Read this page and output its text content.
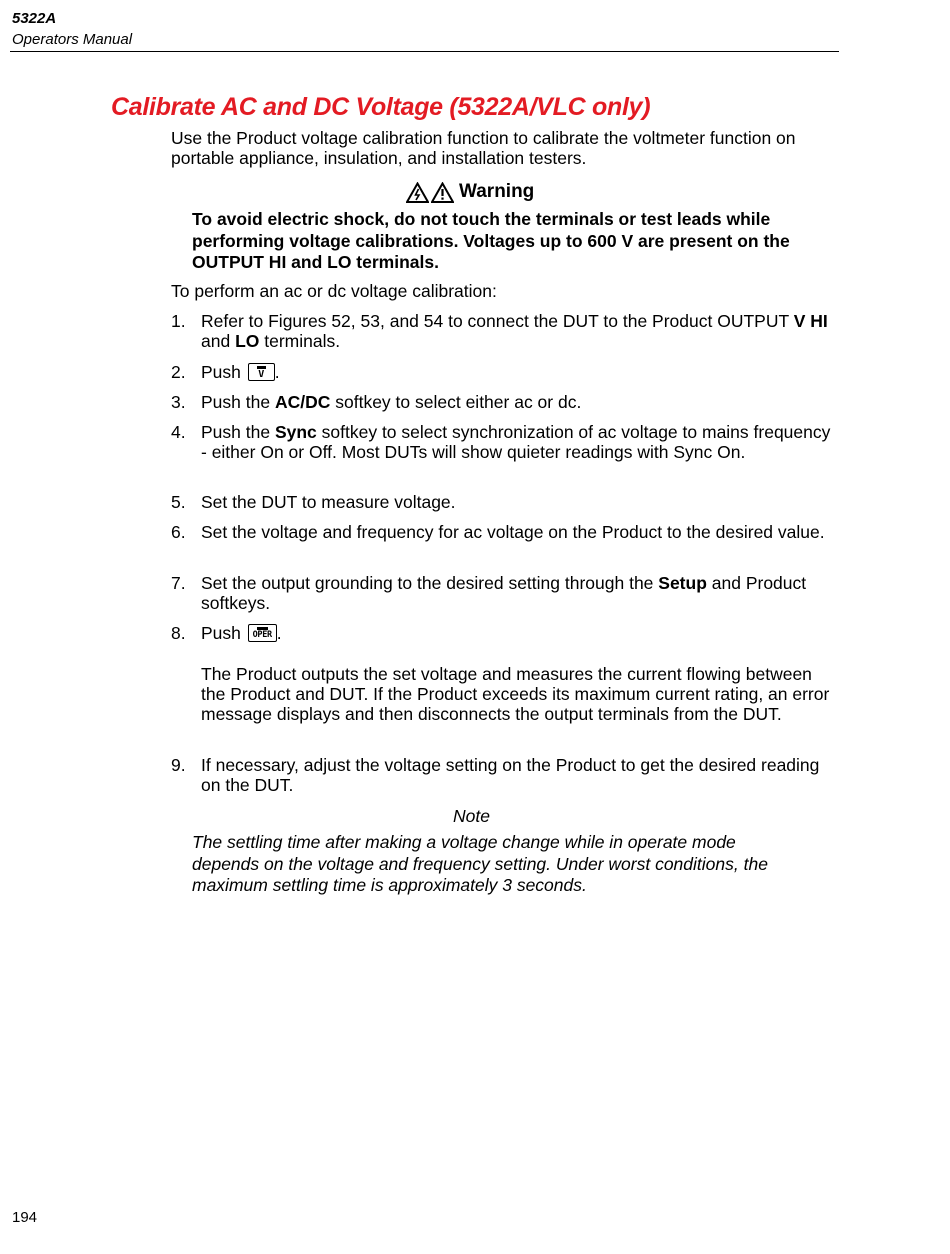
5322A
Operators Manual
Calibrate AC and DC Voltage (5322A/VLC only)
Use the Product voltage calibration function to calibrate the voltmeter function on portable appliance, insulation, and installation testers.
Warning
To avoid electric shock, do not touch the terminals or test leads while performing voltage calibrations. Voltages up to 600 V are present on the OUTPUT HI and LO terminals.
To perform an ac or dc voltage calibration:
1. Refer to Figures 52, 53, and 54 to connect the DUT to the Product OUTPUT V HI and LO terminals.
2. Push	V .
3. Push the AC/DC softkey to select either ac or dc.
4. Push the Sync softkey to select synchronization of ac voltage to mains frequency - either On or Off. Most DUTs will show quieter readings with Sync On.
5. Set the DUT to measure voltage.
6. Set the voltage and frequency for ac voltage on the Product to the desired value.
7. Set the output grounding to the desired setting through the Setup and Product softkeys.
8. Push OPER .
The Product outputs the set voltage and measures the current flowing between the Product and DUT. If the Product exceeds its maximum current rating, an error message displays and then disconnects the output terminals from the DUT.
9. If necessary, adjust the voltage setting on the Product to get the desired reading on the DUT.
Note
The settling time after making a voltage change while in operate mode depends on the voltage and frequency setting. Under worst conditions, the maximum settling time is approximately 3 seconds.
194
